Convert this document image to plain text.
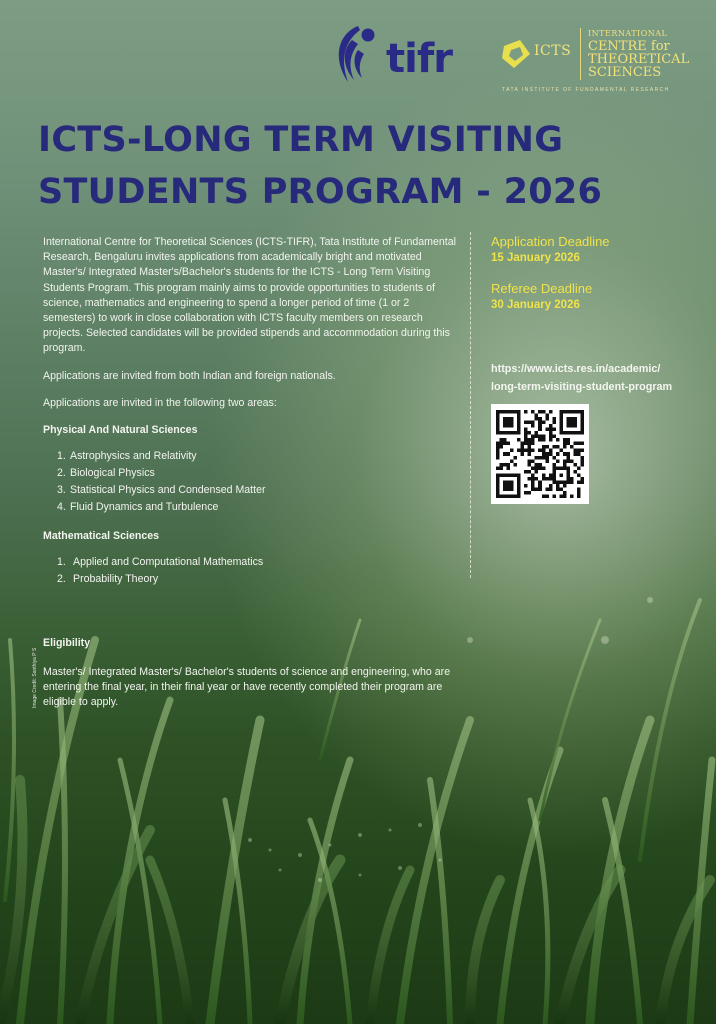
tifr	ICTS
INTERNATIONAL
CENTRE for
THEORETICAL
SCIENCES
TATA INSTITUTE OF FUNDAMENTAL RESEARCH
ICTS-LONG TERM VISITING
STUDENTS PROGRAM - 2026

International Centre for Theoretical Sciences (ICTS-TIFR), Tata Institute of Fundamental Research, Bengaluru invites applications from academically bright and motivated Master's/ Integrated Master's/Bachelor's students for the ICTS - Long Term Visiting Students Program. This program mainly aims to provide opportunities to students of science, mathematics and engineering to spend a longer period of time (1 or 2 semesters) to work in close collaboration with ICTS faculty members on research projects. Selected candidates will be provided stipends and accommodation during this program.

Applications are invited from both Indian and foreign nationals.

Applications are invited in the following two areas:

Physical And Natural Sciences
1. Astrophysics and Relativity
2. Biological Physics
3. Statistical Physics and Condensed Matter
4. Fluid Dynamics and Turbulence
Mathematical Sciences
1. Applied and Computational Mathematics
2. Probability Theory
Eligibility

Master's/ Integrated Master's/ Bachelor's students of science and engineering, who are entering the final year, in their final year or have recently completed their program are eligible to apply.

Image Credit: Santhiya P S
Application Deadline
15 January 2026
Referee Deadline
30 January 2026
https://www.icts.res.in/academic/
long-term-visiting-student-program
